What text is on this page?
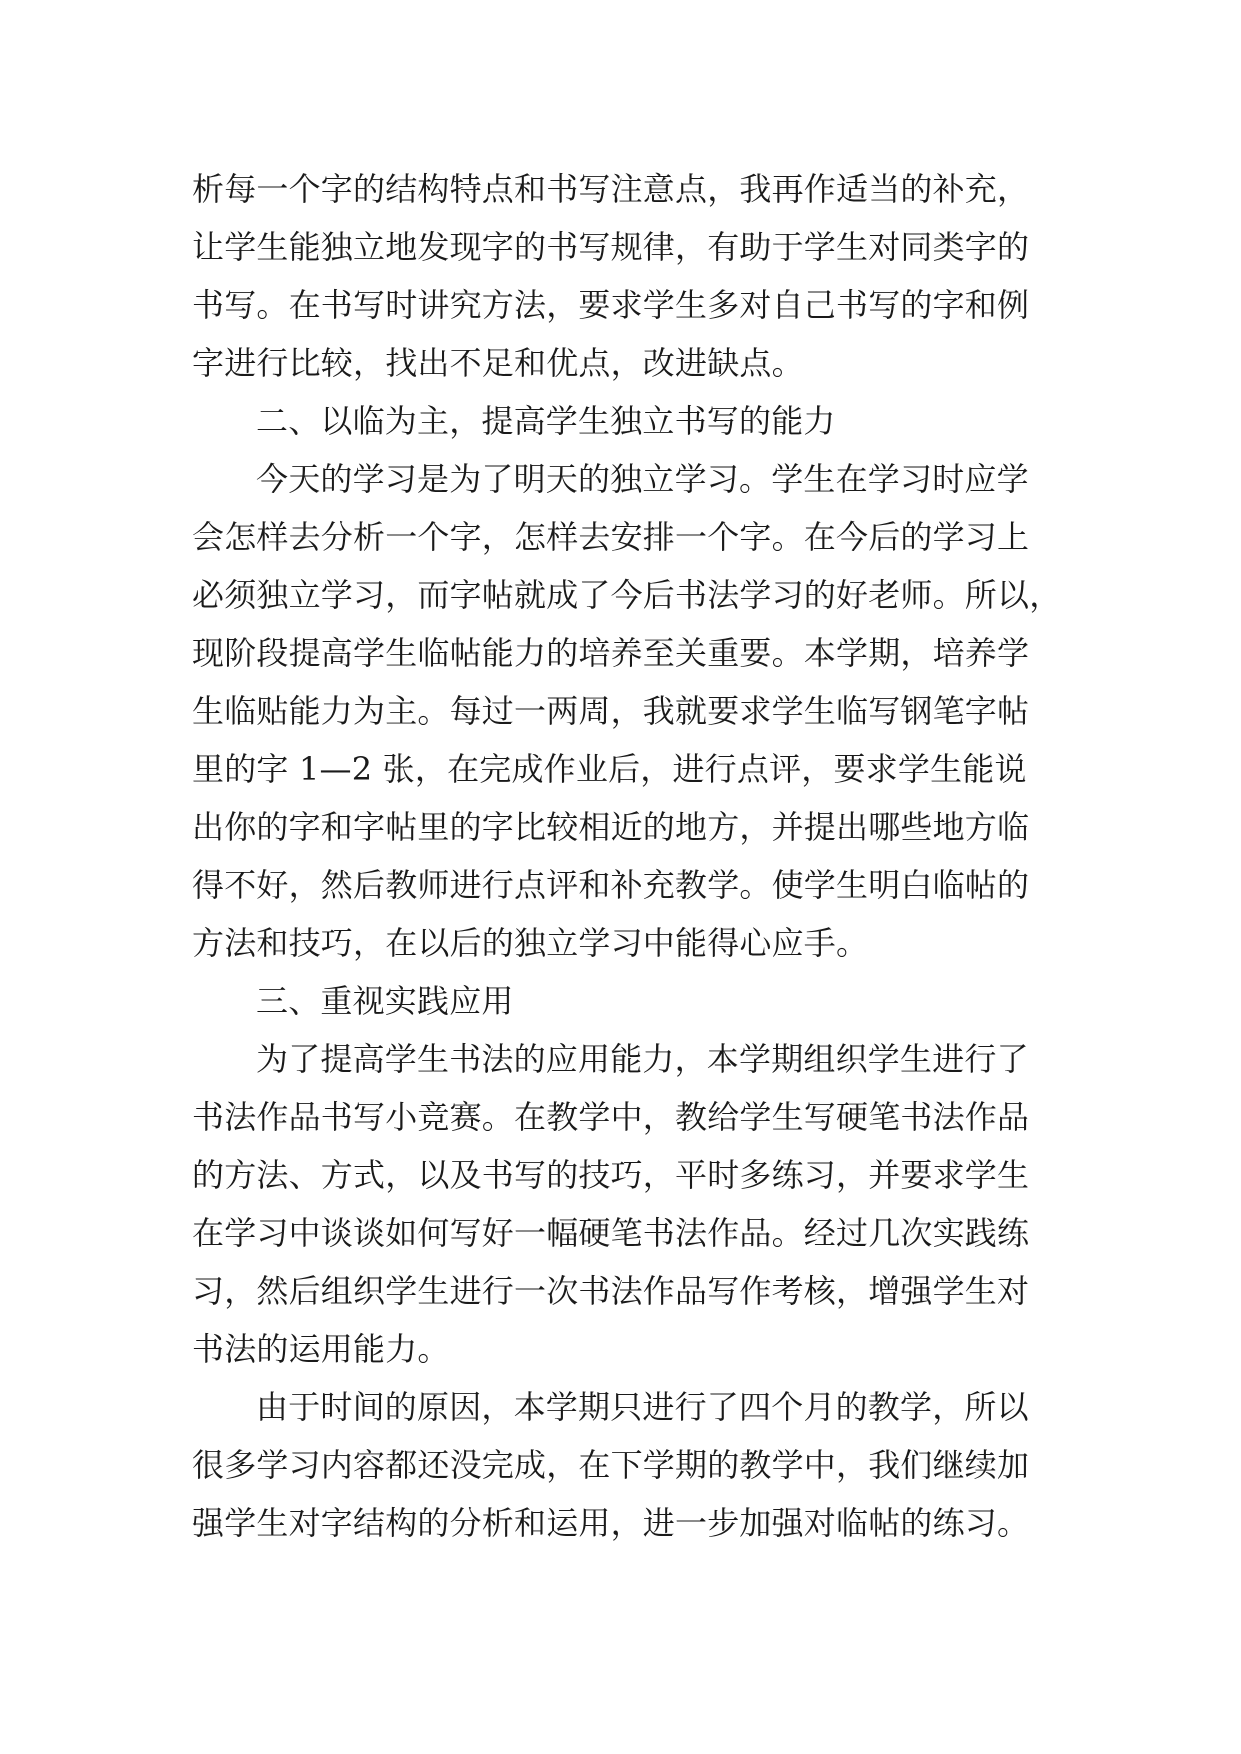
析每一个字的结构特点和书写注意点，我再作适当的补充，
让学生能独立地发现字的书写规律，有助于学生对同类字的
书写。在书写时讲究方法，要求学生多对自己书写的字和例
字进行比较，找出不足和优点，改进缺点。
二、以临为主，提高学生独立书写的能力
今天的学习是为了明天的独立学习。学生在学习时应学
会怎样去分析一个字，怎样去安排一个字。在今后的学习上
必须独立学习，而字帖就成了今后书法学习的好老师。所以，
现阶段提高学生临帖能力的培养至关重要。本学期，培养学
生临贴能力为主。每过一两周，我就要求学生临写钢笔字帖
里的字 1—2 张，在完成作业后，进行点评，要求学生能说
出你的字和字帖里的字比较相近的地方，并提出哪些地方临
得不好，然后教师进行点评和补充教学。使学生明白临帖的
方法和技巧，在以后的独立学习中能得心应手。
三、重视实践应用
为了提高学生书法的应用能力，本学期组织学生进行了
书法作品书写小竞赛。在教学中，教给学生写硬笔书法作品
的方法、方式，以及书写的技巧，平时多练习，并要求学生
在学习中谈谈如何写好一幅硬笔书法作品。经过几次实践练
习，然后组织学生进行一次书法作品写作考核，增强学生对
书法的运用能力。
由于时间的原因，本学期只进行了四个月的教学，所以
很多学习内容都还没完成，在下学期的教学中，我们继续加
强学生对字结构的分析和运用，进一步加强对临帖的练习。
